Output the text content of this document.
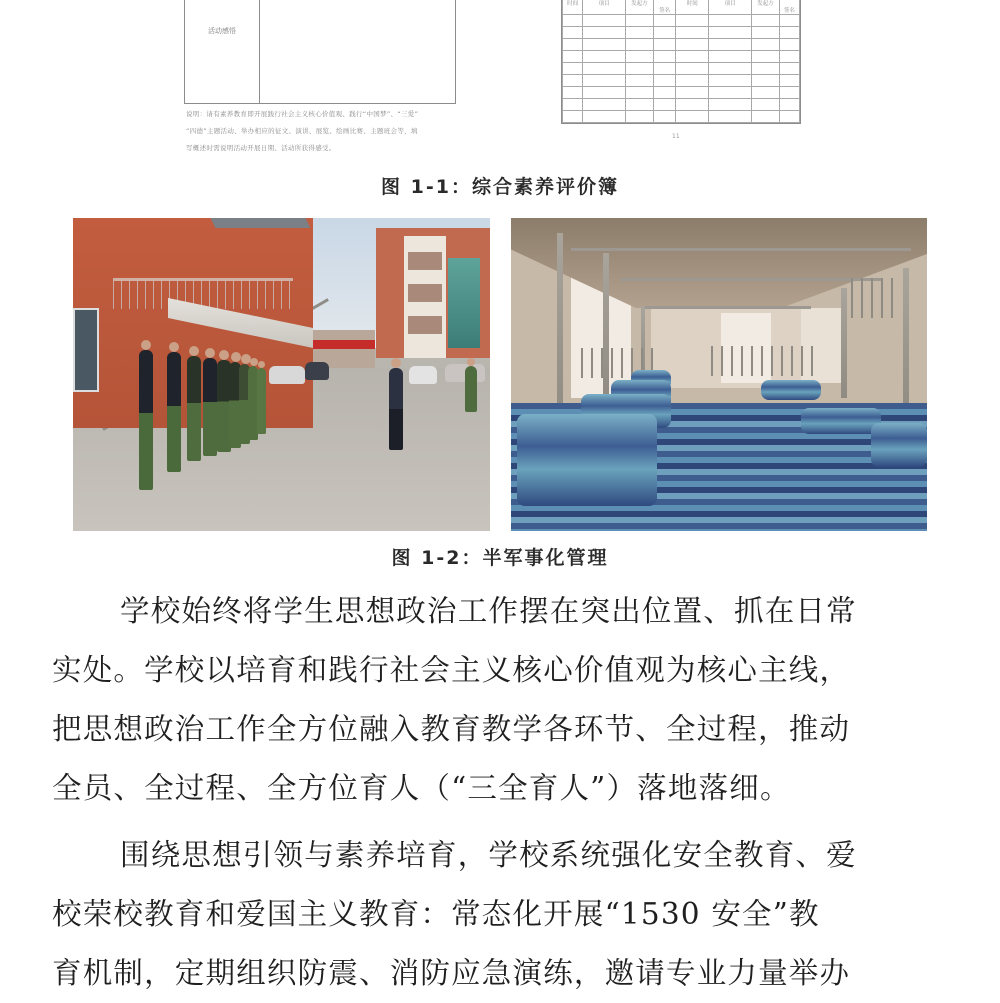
活动感悟
说明：请有素养教育即开展践行社会主义核心价值观、践行“中国梦”、“三爱”
“四德”主题活动、举办相应的征文、演讲、展览、绘画比赛、主题班会等，填
写概述时需说明活动开展日期、活动所获得感受。
时间	项目	发起方	签名	时间	项目	发起方	签名

11
图 1-1：综合素养评价簿
图 1-2：半军事化管理
学校始终将学生思想政治工作摆在突出位置、抓在日常
实处。学校以培育和践行社会主义核心价值观为核心主线，
把思想政治工作全方位融入教育教学各环节、全过程，推动
全员、全过程、全方位育人（“三全育人”）落地落细。
围绕思想引领与素养培育，学校系统强化安全教育、爱
校荣校教育和爱国主义教育：常态化开展“1530 安全”教
育机制，定期组织防震、消防应急演练，邀请专业力量举办
